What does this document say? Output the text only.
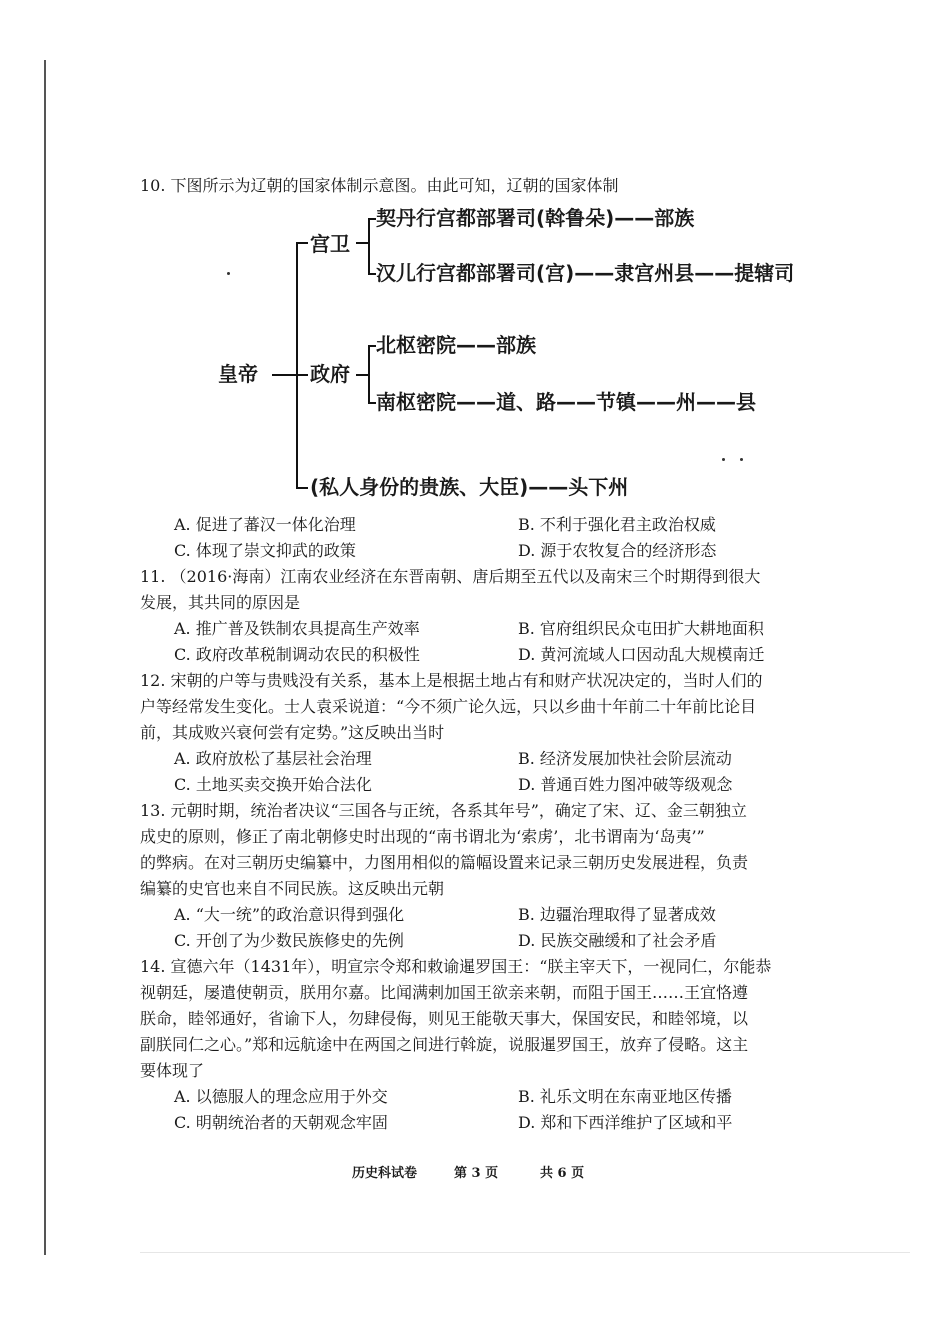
10. 下图所示为辽朝的国家体制示意图。由此可知，辽朝的国家体制

皇帝
宫卫
契丹行宫都部署司(斡鲁朵)——部族
汉儿行宫都部署司(宫)——隶宫州县——提辖司
政府
北枢密院——部族
南枢密院——道、路——节镇——州——县
(私人身份的贵族、大臣)——头下州
A. 促进了蕃汉一体化治理	B. 不利于强化君主政治权威
C. 体现了崇文抑武的政策	D. 源于农牧复合的经济形态

11. （2016·海南）江南农业经济在东晋南朝、唐后期至五代以及南宋三个时期得到很大
发展，其共同的原因是

A. 推广普及铁制农具提高生产效率	B. 官府组织民众屯田扩大耕地面积
C. 政府改革税制调动农民的积极性	D. 黄河流域人口因动乱大规模南迁

12. 宋朝的户等与贵贱没有关系，基本上是根据土地占有和财产状况决定的，当时人们的
户等经常发生变化。士人袁采说道：“今不须广论久远，只以乡曲十年前二十年前比论目
前，其成败兴衰何尝有定势。”这反映出当时

A. 政府放松了基层社会治理	B. 经济发展加快社会阶层流动
C. 土地买卖交换开始合法化	D. 普通百姓力图冲破等级观念

13. 元朝时期，统治者决议“三国各与正统，各系其年号”，确定了宋、辽、金三朝独立
成史的原则，修正了南北朝修史时出现的“南书谓北为‘索虏’，北书谓南为‘岛夷’”
的弊病。在对三朝历史编纂中，力图用相似的篇幅设置来记录三朝历史发展进程，负责
编纂的史官也来自不同民族。这反映出元朝

A. “大一统”的政治意识得到强化	B. 边疆治理取得了显著成效
C. 开创了为少数民族修史的先例	D. 民族交融缓和了社会矛盾

14. 宣德六年（1431年），明宣宗令郑和敕谕暹罗国王：“朕主宰天下，一视同仁，尔能恭
视朝廷，屡遣使朝贡，朕用尔嘉。比闻满剌加国王欲亲来朝，而阻于国王……王宜恪遵
朕命，睦邻通好，省谕下人，勿肆侵侮，则见王能敬天事大，保国安民，和睦邻境，以
副朕同仁之心。”郑和远航途中在两国之间进行斡旋，说服暹罗国王，放弃了侵略。这主
要体现了

A. 以德服人的理念应用于外交	B. 礼乐文明在东南亚地区传播
C. 明朝统治者的天朝观念牢固	D. 郑和下西洋维护了区域和平
历史科试卷	第 3 页	共 6 页
